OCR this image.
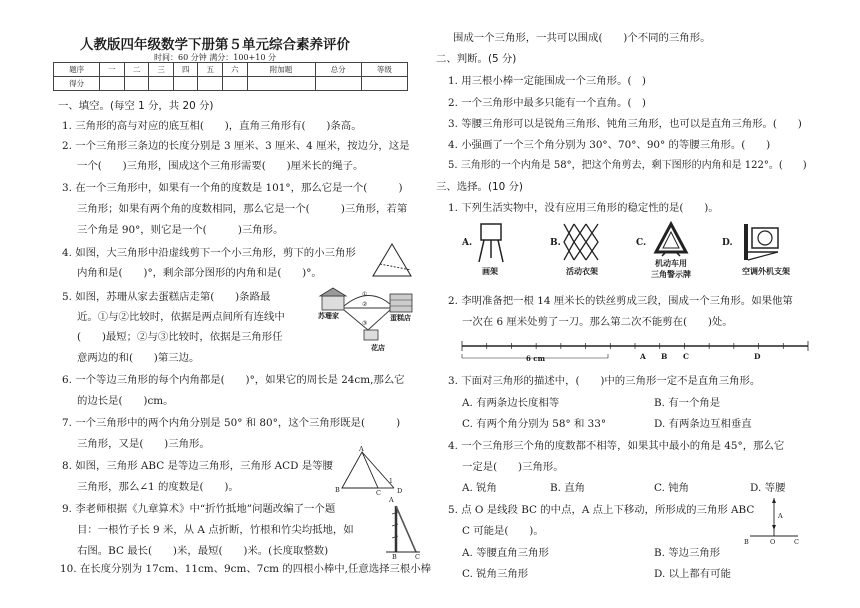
人教版四年级数学下册第５单元综合素养评价
时间：60 分钟 满分：100+10 分
题序	一	二	三	四	五	六	附加题	总分	等级
得分									
一、填空。(每空 1 分，共 20 分)
1. 三角形的高与对应的底互相(　　)，直角三角形有(　　)条高。
2. 一个三角形三条边的长度分别是 3 厘米、3 厘米、4 厘米，按边分，这是
一个(　　)三角形，围成这个三角形需要(　　)厘米长的绳子。
3. 在一个三角形中，如果有一个角的度数是 101°，那么它是一个(　　　)
三角形；如果有两个角的度数相同，那么它是一个(　　　)三角形，若第
三个角是 90°，则它是一个(　　　)三角形。
4. 如图，大三角形中沿虚线剪下一个小三角形，剪下的小三角形
内角和是(　　)°，剩余部分图形的内角和是(　　)°。
5. 如图，苏珊从家去蛋糕店走第(　　)条路最
近。①与②比较时，依据是两点间所有连线中
(　　)最短；②与③比较时，依据是三角形任
意两边的和(　　)第三边。
苏珊家	蛋糕店
花店
①
②
③
6. 一个等边三角形的每个内角都是(　　)°，如果它的周长是 24cm,那么它
的边长是(　　)cm。
7. 一个三角形中的两个内角分别是 50° 和 80°，这个三角形既是(　　　)
三角形，又是(　　)三角形。
8. 如图，三角形 ABC 是等边三角形，三角形 ACD 是等腰
三角形，那么∠1 的度数是(　　)。
A
B	C D
1
9. 李老师根据《九章算术》中“折竹抵地”问题改编了一个题
目：一根竹子长 9 米，从 A 点折断，竹根和竹尖均抵地，如
右图。BC 最长(　　)米，最短(　　)米。(长度取整数)
A
B	C
10. 在长度分别为 17cm、11cm、9cm、7cm 的四根小棒中,任意选择三根小棒
围成一个三角形，一共可以围成(　　)个不同的三角形。
二、判断。(5 分)
1. 用三根小棒一定能围成一个三角形。(　)
2. 一个三角形中最多只能有一个直角。(　)
3. 等腰三角形可以是锐角三角形、钝角三角形，也可以是直角三角形。(　　)
4. 小强画了一个三个角分别为 30°、70°、90° 的等腰三角形。(　　)
5. 三角形的一个内角是 58°，把这个角剪去，剩下图形的内角和是 122°。(　　)
三、选择。(10 分)
1. 下列生活实物中，没有应用三角形的稳定性的是(　　)。
A.
画架
B.
活动衣架
C.
机动车用
三角警示牌
D.
空调外机支架
2. 李明准备把一根 14 厘米长的铁丝剪成三段，围成一个三角形。如果他第
一次在 6 厘米处剪了一刀。那么第二次不能剪在(　　)处。
6 cm	A B C	D
3. 下面对三角形的描述中，(　　)中的三角形一定不是直角三角形。
A. 有两条边长度相等	B. 有一个角是
C. 有两个角分别为 58° 和 33°	D. 有两条边互相垂直
4. 一个三角形三个角的度数都不相等，如果其中最小的角是 45°，那么它
一定是(　　)三角形。
A. 锐角	B. 直角	C. 钝角	D. 等腰
5. 点 O 是线段 BC 的中点，A 点上下移动，所形成的三角形 ABC
C 可能是(　　)。
A
B	O	C
A. 等腰直角三角形	B. 等边三角形
C. 锐角三角形	D. 以上都有可能
